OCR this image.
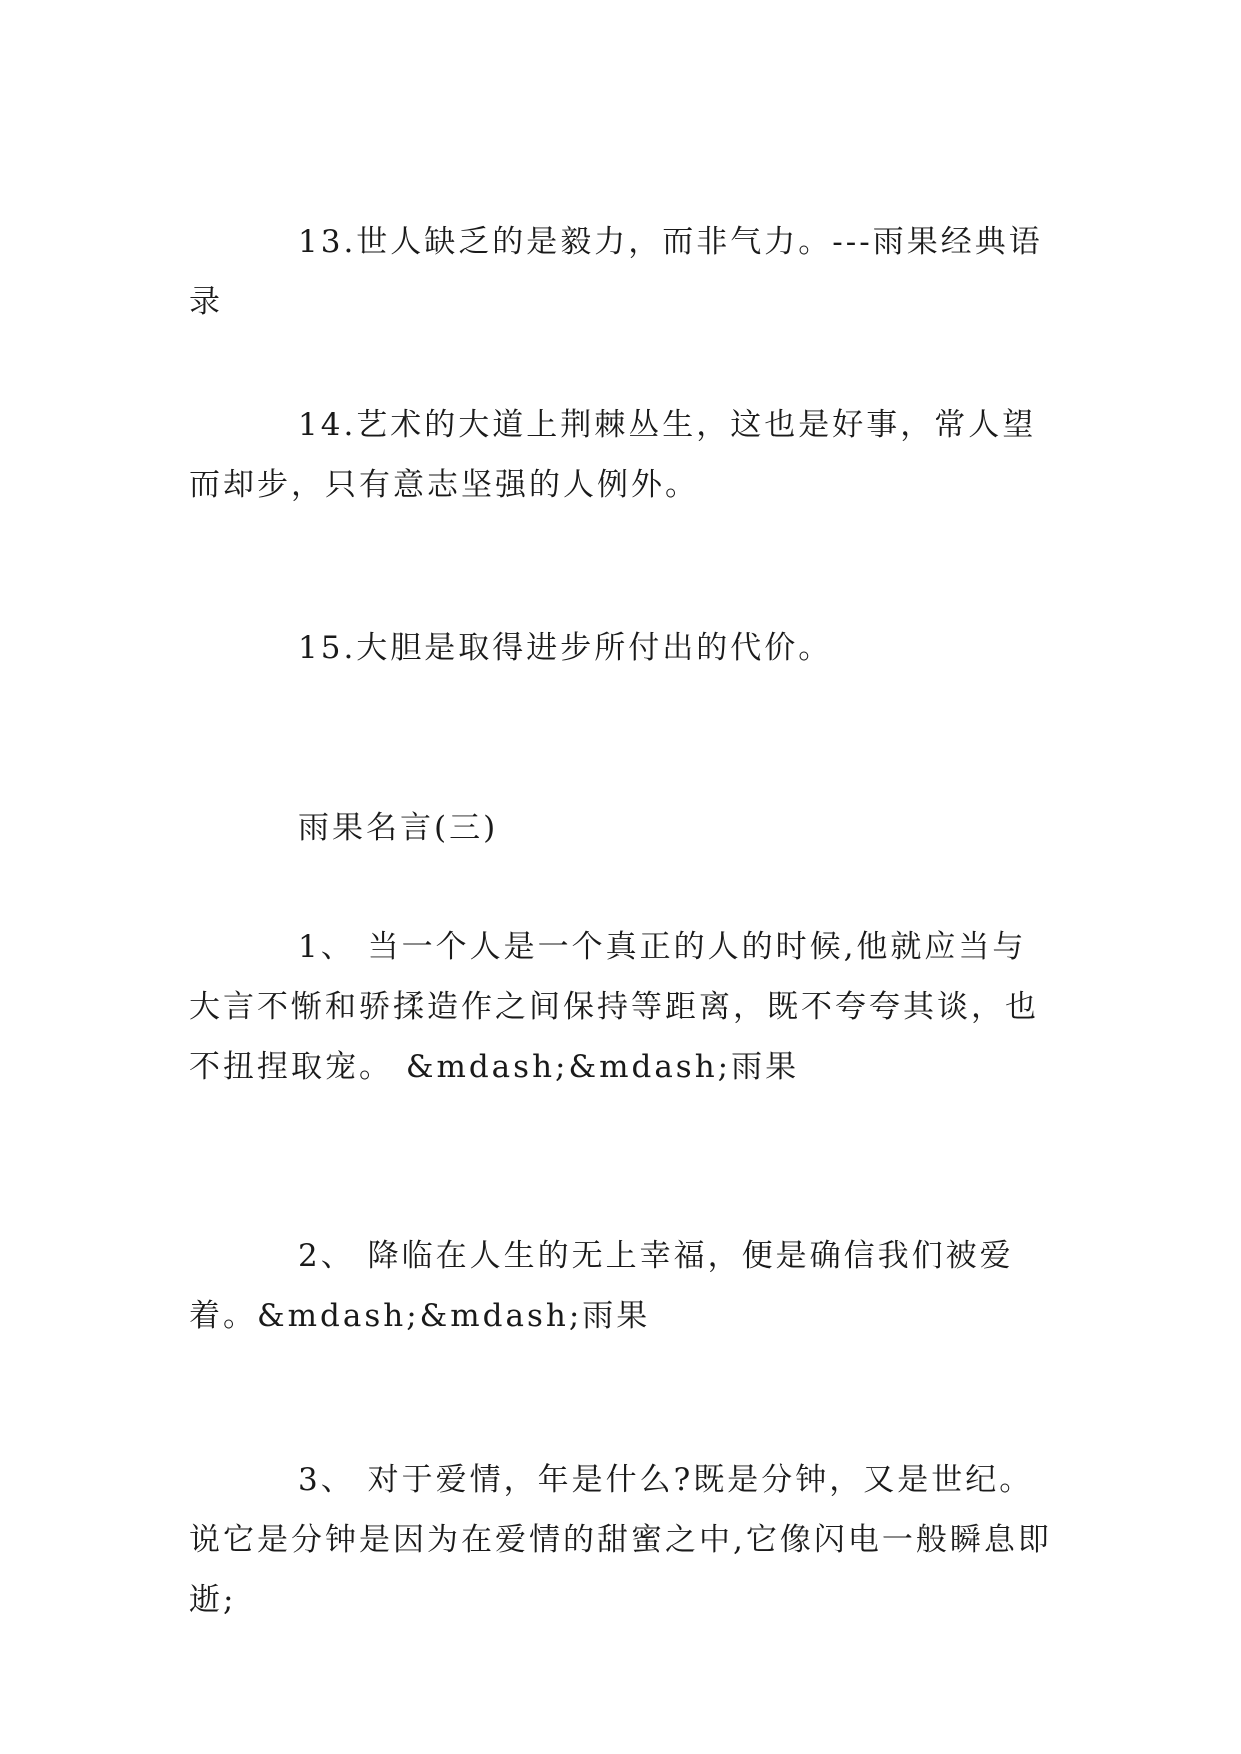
13.世人缺乏的是毅力，而非气力。---雨果经典语录

14.艺术的大道上荆棘丛生，这也是好事，常人望而却步，只有意志坚强的人例外。

15.大胆是取得进步所付出的代价。

雨果名言(三)

1、 当一个人是一个真正的人的时候,他就应当与大言不惭和骄揉造作之间保持等距离，既不夸夸其谈，也不扭捏取宠。 &mdash;&mdash;雨果

2、 降临在人生的无上幸福，便是确信我们被爱着。&mdash;&mdash;雨果

3、 对于爱情，年是什么?既是分钟，又是世纪。说它是分钟是因为在爱情的甜蜜之中,它像闪电一般瞬息即逝;
